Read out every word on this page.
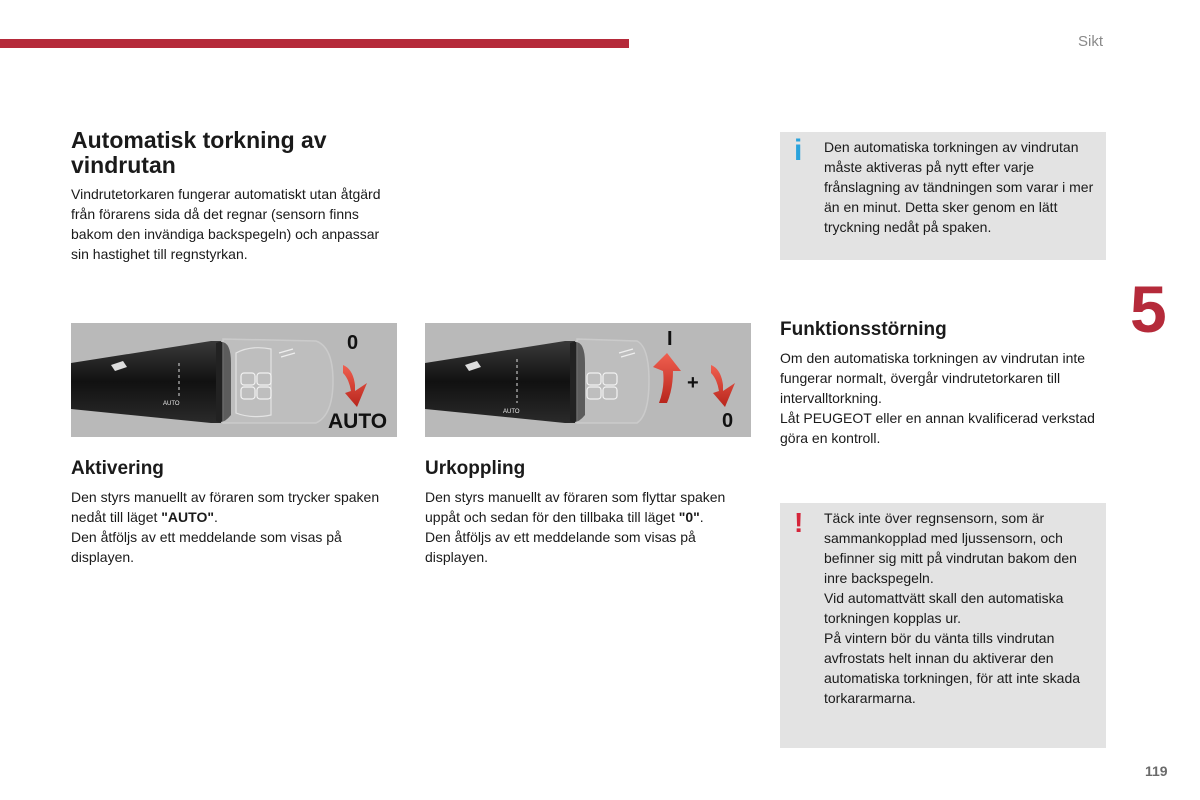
Sikt
5
119
Automatisk torkning av vindrutan
Vindrutetorkaren fungerar automatiskt utan åtgärd från förarens sida då det regnar (sensorn finns bakom den invändiga backspegeln) och anpassar sin hastighet till regnstyrkan.
AUTO
0
AUTO	AUTO
I
+
0
Aktivering

Den styrs manuellt av föraren som trycker spaken nedåt till läget "AUTO".

Den åtföljs av ett meddelande som visas på displayen.

Urkoppling

Den styrs manuellt av föraren som flyttar spaken uppåt och sedan för den tillbaka till läget "0".

Den åtföljs av ett meddelande som visas på displayen.

i Den automatiska torkningen av vindrutan måste aktiveras på nytt efter varje frånslagning av tändningen som varar i mer än en minut. Detta sker genom en lätt tryckning nedåt på spaken.
Funktionsstörning

Om den automatiska torkningen av vindrutan inte fungerar normalt, övergår vindrutetorkaren till intervalltorkning.

Låt PEUGEOT eller en annan kvalificerad verkstad göra en kontroll.

! Täck inte över regnsensorn, som är sammankopplad med ljussensorn, och befinner sig mitt på vindrutan bakom den inre backspegeln.

Vid automattvätt skall den automatiska torkningen kopplas ur.

På vintern bör du vänta tills vindrutan avfrostats helt innan du aktiverar den automatiska torkningen, för att inte skada torkararmarna.
